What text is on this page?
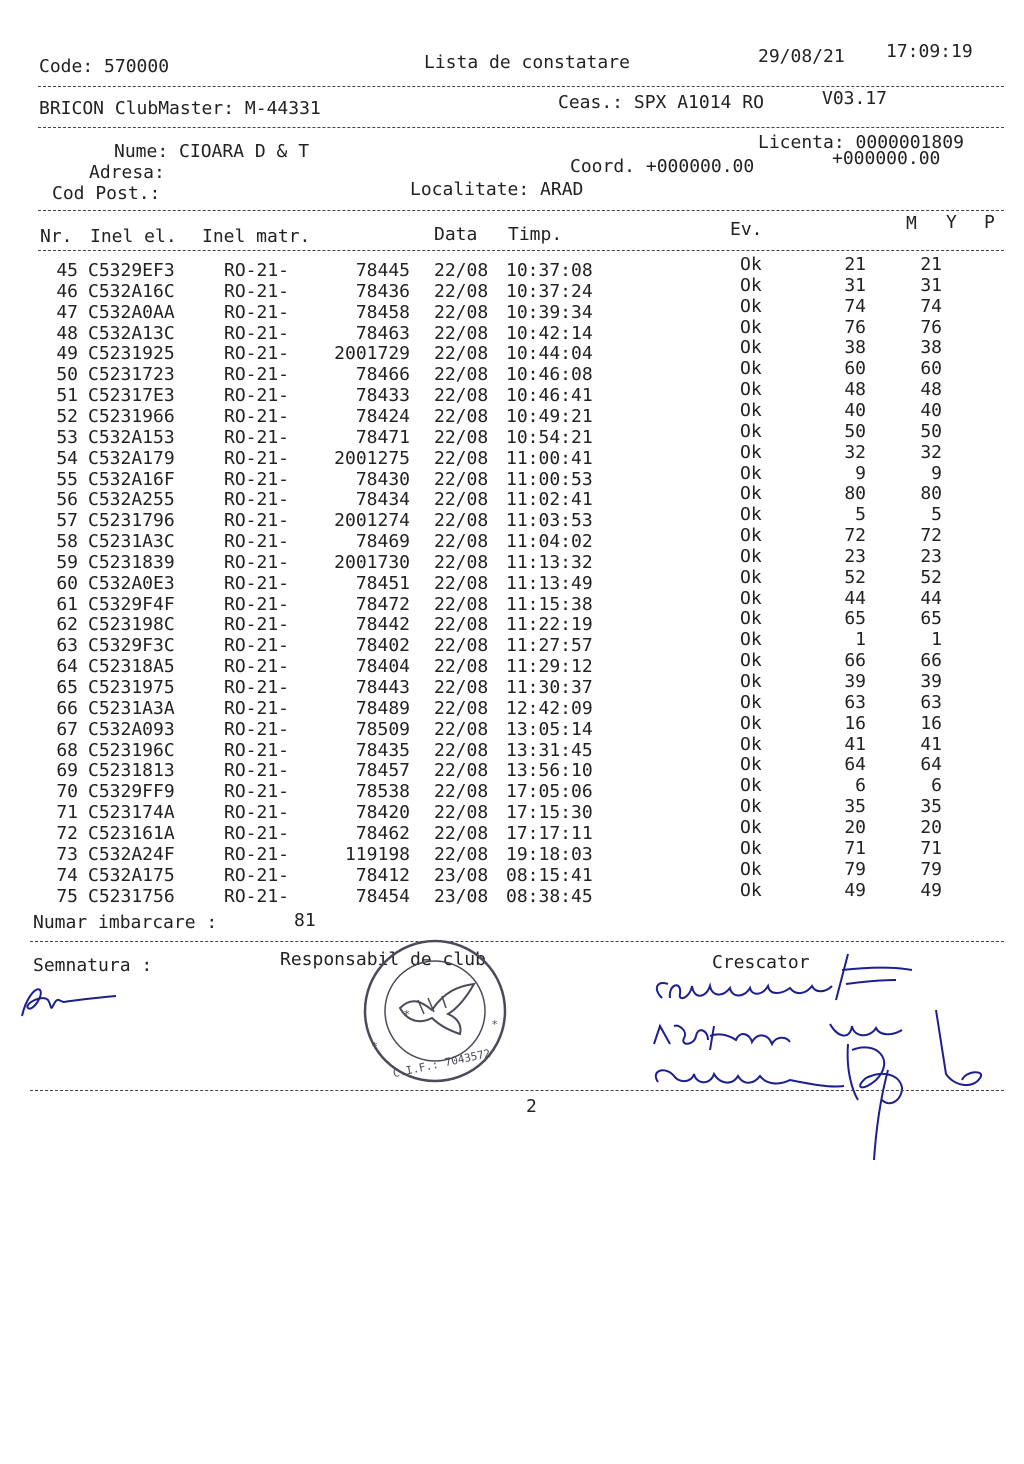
Code: 570000	Lista de constatare	29/08/21 17:09:19
BRICON ClubMaster: M-44331	Ceas.: SPX A1014 RO	V03.17
Licenta: 0000001809
Nume: CIOARA D & T
Adresa:	Coord. +000000.00	+000000.00
Cod Post.:	Localitate: ARAD
Nr. Inel el. Inel matr.	Data Timp.	Ev.	M Y P
45 C5329EF3	RO-21-	78445 22/08 10:37:08	Ok	21	21
46 C532A16C	RO-21-	78436 22/08 10:37:24	Ok	31	31
47 C532A0AA	RO-21-	78458 22/08 10:39:34	Ok	74	74
48 C532A13C	RO-21-	78463 22/08 10:42:14	Ok	76	76
49 C5231925	RO-21-	2001729 22/08 10:44:04	Ok	38	38
50 C5231723	RO-21-	78466 22/08 10:46:08	Ok	60	60
51 C52317E3	RO-21-	78433 22/08 10:46:41	Ok	48	48
52 C5231966	RO-21-	78424 22/08 10:49:21	Ok	40	40
53 C532A153	RO-21-	78471 22/08 10:54:21	Ok	50	50
54 C532A179	RO-21-	2001275 22/08 11:00:41	Ok	32	32
55 C532A16F	RO-21-	78430 22/08 11:00:53	Ok	9	9
56 C532A255	RO-21-	78434 22/08 11:02:41	Ok	80	80
57 C5231796	RO-21-	2001274 22/08 11:03:53	Ok	5	5
58 C5231A3C	RO-21-	78469 22/08 11:04:02	Ok	72	72
59 C5231839	RO-21-	2001730 22/08 11:13:32	Ok	23	23
60 C532A0E3	RO-21-	78451 22/08 11:13:49	Ok	52	52
61 C5329F4F	RO-21-	78472 22/08 11:15:38	Ok	44	44
62 C523198C	RO-21-	78442 22/08 11:22:19	Ok	65	65
63 C5329F3C	RO-21-	78402 22/08 11:27:57	Ok	1	1
64 C52318A5	RO-21-	78404 22/08 11:29:12	Ok	66	66
65 C5231975	RO-21-	78443 22/08 11:30:37	Ok	39	39
66 C5231A3A	RO-21-	78489 22/08 12:42:09	Ok	63	63
67 C532A093	RO-21-	78509 22/08 13:05:14	Ok	16	16
68 C523196C	RO-21-	78435 22/08 13:31:45	Ok	41	41
69 C5231813	RO-21-	78457 22/08 13:56:10	Ok	64	64
70 C5329FF9	RO-21-	78538 22/08 17:05:06	Ok	6	6
71 C523174A	RO-21-	78420 22/08 17:15:30	Ok	35	35
72 C523161A	RO-21-	78462 22/08 17:17:11	Ok	20	20
73 C532A24F	RO-21-	119198 22/08 19:18:03	Ok	71	71
74 C532A175	RO-21-	78412 23/08 08:15:41	Ok	79	79
75 C5231756	RO-21-	78454 23/08 08:38:45	Ok	49	49
Numar imbarcare :	81
Semnatura :	Responsabil de club	Crescator
*
*
*
C.I.F.: 7043572
2
